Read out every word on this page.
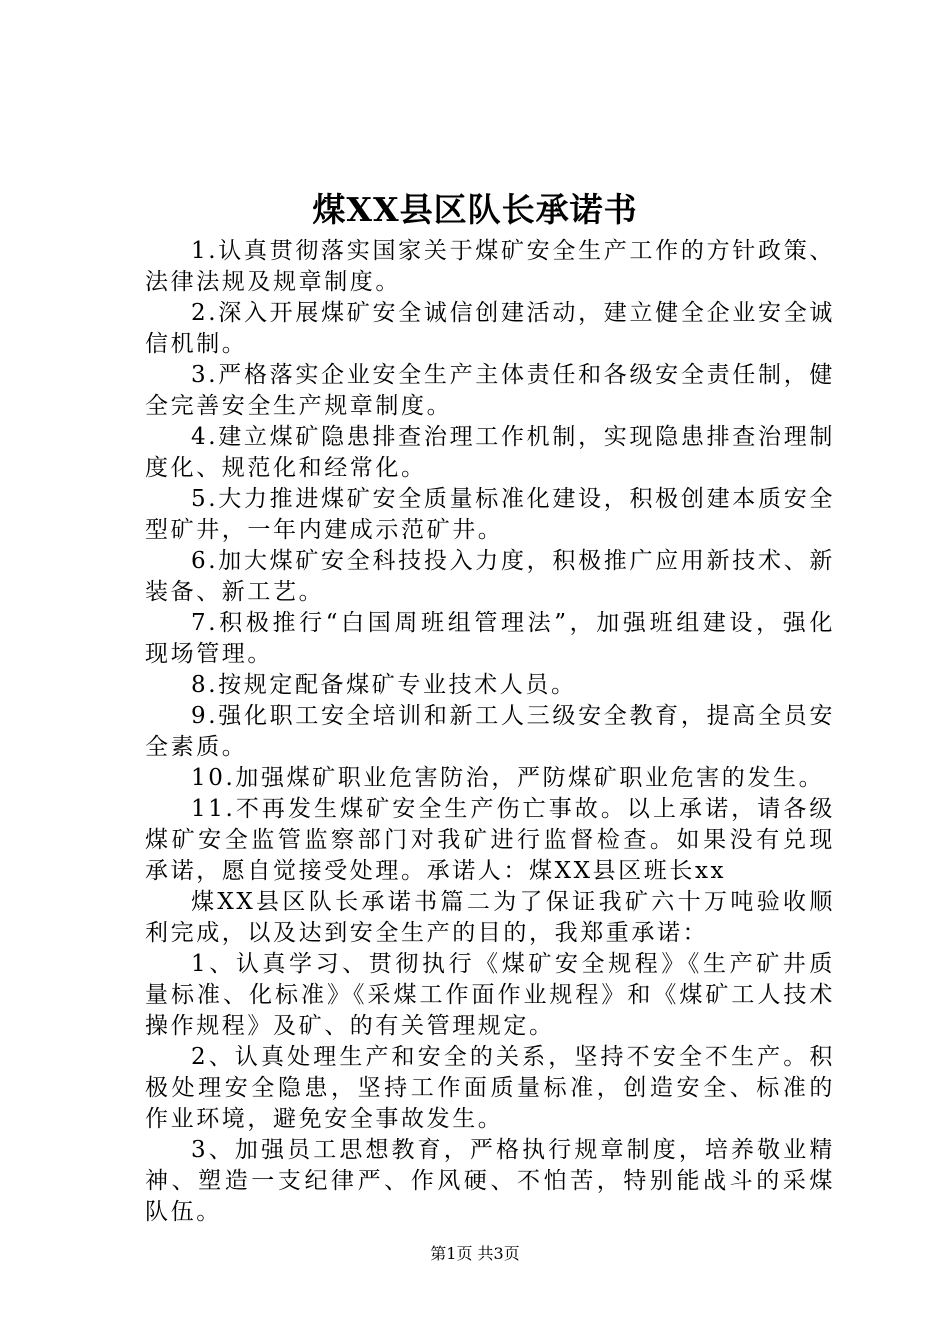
煤XX县区队长承诺书

1.认真贯彻落实国家关于煤矿安全生产工作的方针政策、法律法规及规章制度。

2.深入开展煤矿安全诚信创建活动，建立健全企业安全诚信机制。

3.严格落实企业安全生产主体责任和各级安全责任制，健全完善安全生产规章制度。

4.建立煤矿隐患排查治理工作机制，实现隐患排查治理制度化、规范化和经常化。

5.大力推进煤矿安全质量标准化建设，积极创建本质安全型矿井，一年内建成示范矿井。

6.加大煤矿安全科技投入力度，积极推广应用新技术、新装备、新工艺。

7.积极推行“白国周班组管理法”，加强班组建设，强化现场管理。

8.按规定配备煤矿专业技术人员。

9.强化职工安全培训和新工人三级安全教育，提高全员安全素质。

10.加强煤矿职业危害防治，严防煤矿职业危害的发生。

11.不再发生煤矿安全生产伤亡事故。以上承诺，请各级煤矿安全监管监察部门对我矿进行监督检查。如果没有兑现承诺，愿自觉接受处理。承诺人：煤XX县区班长xx

煤XX县区队长承诺书篇二为了保证我矿六十万吨验收顺利完成，以及达到安全生产的目的，我郑重承诺：

1、认真学习、贯彻执行《煤矿安全规程》《生产矿井质量标准、化标准》《采煤工作面作业规程》和《煤矿工人技术操作规程》及矿、的有关管理规定。

2、认真处理生产和安全的关系，坚持不安全不生产。积极处理安全隐患，坚持工作面质量标准，创造安全、标准的作业环境，避免安全事故发生。

3、加强员工思想教育，严格执行规章制度，培养敬业精神、塑造一支纪律严、作风硬、不怕苦，特别能战斗的采煤队伍。

第1页 共3页
